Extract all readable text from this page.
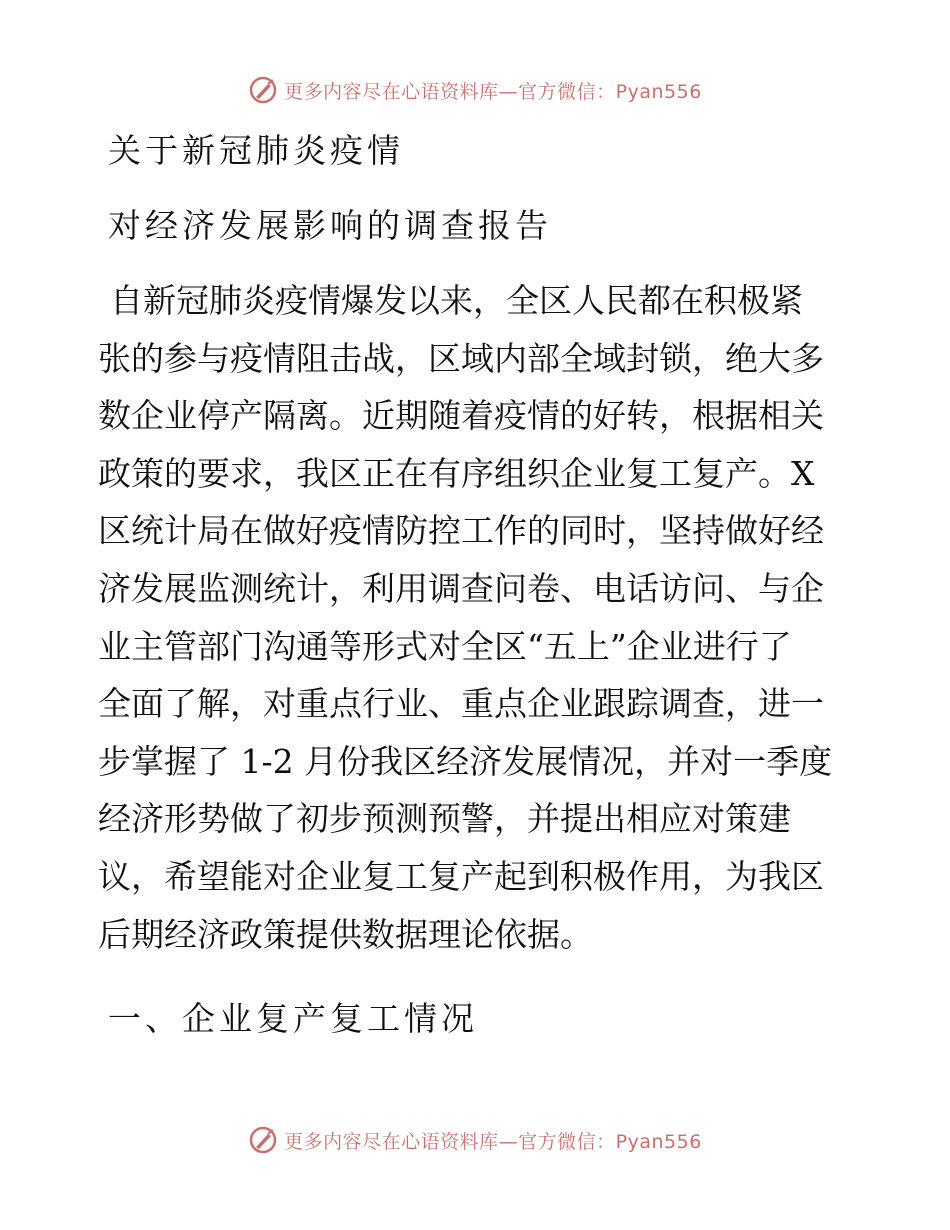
更多内容尽在心语资料库—官方微信：Pyan556
关于新冠肺炎疫情
对经济发展影响的调查报告
自新冠肺炎疫情爆发以来，全区人民都在积极紧
张的参与疫情阻击战，区域内部全域封锁，绝大多
数企业停产隔离。近期随着疫情的好转，根据相关
政策的要求，我区正在有序组织企业复工复产。X
区统计局在做好疫情防控工作的同时，坚持做好经
济发展监测统计，利用调查问卷、电话访问、与企
业主管部门沟通等形式对全区“五上”企业进行了
全面了解，对重点行业、重点企业跟踪调查，进一
步掌握了 1-2 月份我区经济发展情况，并对一季度
经济形势做了初步预测预警，并提出相应对策建
议，希望能对企业复工复产起到积极作用，为我区
后期经济政策提供数据理论依据。
一、企业复产复工情况
更多内容尽在心语资料库—官方微信：Pyan556
